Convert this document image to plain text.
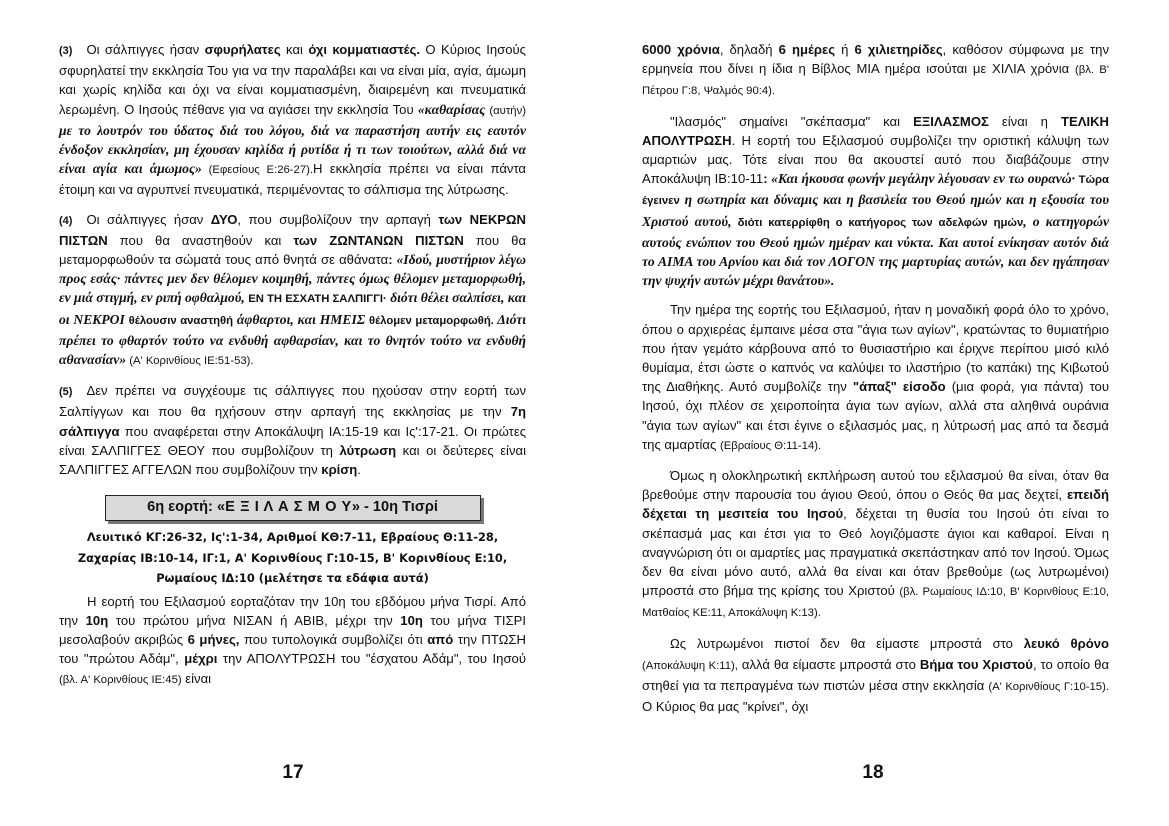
(3) Οι σάλπιγγες ήσαν σφυρήλατες και όχι κομματιαστές. Ο Κύριος Ιησούς σφυρηλατεί την εκκλησία Του για να την παραλάβει και να είναι μία, αγία, άμωμη και χωρίς κηλίδα και όχι να είναι κομματιασμένη, διαιρεμένη και πνευματικά λερωμένη. Ο Ιησούς πέθανε για να αγιάσει την εκκλησία Του «καθαρίσας (αυτήν) με το λουτρόν του ύδατος διά του λόγου, διά να παραστήση αυτήν εις εαυτόν ένδοξον εκκλησίαν, μη έχουσαν κηλίδα ή ρυτίδα ή τι των τοιούτων, αλλά διά να είναι αγία και άμωμος» (Εφεσίους Ε:26-27).Η εκκλησία πρέπει να είναι πάντα έτοιμη και να αγρυπνεί πνευματικά, περιμένοντας το σάλπισμα της λύτρωσης.

(4) Οι σάλπιγγες ήσαν ΔΥΟ, που συμβολίζουν την αρπαγή των ΝΕΚΡΩΝ ΠΙΣΤΩΝ που θα αναστηθούν και των ΖΩΝΤΑΝΩΝ ΠΙΣΤΩΝ που θα μεταμορφωθούν τα σώματά τους από θνητά σε αθάνατα: «Ιδού, μυστήριον λέγω προς εσάς· πάντες μεν δεν θέλομεν κοιμηθή, πάντες όμως θέλομεν μεταμορφωθή, εν μιά στιγμή, εν ριπή οφθαλμού, ΕΝ ΤΗ ΕΣΧΑΤΗ ΣΑΛΠΙΓΓΙ· διότι θέλει σαλπίσει, και οι ΝΕΚΡΟΙ θέλουσιν αναστηθή άφθαρτοι, και ΗΜΕΙΣ θέλομεν μεταμορφωθή. Διότι πρέπει το φθαρτόν τούτο να ενδυθή αφθαρσίαν, και το θνητόν τούτο να ενδυθή αθανασίαν» (Α' Κορινθίους ΙΕ:51-53).

(5) Δεν πρέπει να συγχέουμε τις σάλπιγγες που ηχούσαν στην εορτή των Σαλπίγγων και που θα ηχήσουν στην αρπαγή της εκκλησίας με την 7η σάλπιγγα που αναφέρεται στην Αποκάλυψη ΙΑ:15-19 και Ις':17-21. Οι πρώτες είναι ΣΑΛΠΙΓΓΕΣ ΘΕΟΥ που συμβολίζουν τη λύτρωση και οι δεύτερες είναι ΣΑΛΠΙΓΓΕΣ ΑΓΓΕΛΩΝ που συμβολίζουν την κρίση.

6η εορτή: «Ε Ξ Ι Λ Α Σ Μ Ο Υ» - 10η Τισρί
Λευιτικό ΚΓ:26-32, Ις':1-34, Αριθμοί ΚΘ:7-11, Εβραίους Θ:11-28,
Ζαχαρίας ΙΒ:10-14, ΙΓ:1, Α' Κορινθίους Γ:10-15, Β' Κορινθίους Ε:10,
Ρωμαίους ΙΔ:10 (μελέτησε τα εδάφια αυτά)

Η εορτή του Εξιλασμού εορταζόταν την 10η του εβδόμου μήνα Τισρί. Από την 10η του πρώτου μήνα ΝΙΣΑΝ ή ΑΒΙΒ, μέχρι την 10η του μήνα ΤΙΣΡΙ μεσολαβούν ακριβώς 6 μήνες, που τυπολογικά συμβολίζει ότι από την ΠΤΩΣΗ του "πρώτου Αδάμ", μέχρι την ΑΠΟΛΥΤΡΩΣΗ του "έσχατου Αδάμ", του Ιησού (βλ. Α' Κορινθίους ΙΕ:45) είναι

17

6000 χρόνια, δηλαδή 6 ημέρες ή 6 χιλιετηρίδες, καθόσον σύμφωνα με την ερμηνεία που δίνει η ίδια η Βίβλος ΜΙΑ ημέρα ισούται με ΧΙΛΙΑ χρόνια (βλ. Β' Πέτρου Γ:8, Ψαλμός 90:4).

"Ιλασμός" σημαίνει "σκέπασμα" και ΕΞΙΛΑΣΜΟΣ είναι η ΤΕΛΙΚΗ ΑΠΟΛΥΤΡΩΣΗ. Η εορτή του Εξιλασμού συμβολίζει την οριστική κάλυψη των αμαρτιών μας. Τότε είναι που θα ακουστεί αυτό που διαβάζουμε στην Αποκάλυψη ΙΒ:10-11: «Και ήκουσα φωνήν μεγάλην λέγουσαν εν τω ουρανώ· Τώρα έγεινεν η σωτηρία και δύναμις και η βασιλεία του Θεού ημών και η εξουσία του Χριστού αυτού, διότι κατερρίφθη ο κατήγορος των αδελφών ημών, ο κατηγορών αυτούς ενώπιον του Θεού ημών ημέραν και νύκτα. Και αυτοί ενίκησαν αυτόν διά το ΑΙΜΑ του Αρνίου και διά τον ΛΟΓΟΝ της μαρτυρίας αυτών, και δεν ηγάπησαν την ψυχήν αυτών μέχρι θανάτου».

Την ημέρα της εορτής του Εξιλασμού, ήταν η μοναδική φορά όλο το χρόνο, όπου ο αρχιερέας έμπαινε μέσα στα "άγια των αγίων", κρατώντας το θυμιατήριο που ήταν γεμάτο κάρβουνα από το θυσιαστήριο και έριχνε περίπου μισό κιλό θυμίαμα, έτσι ώστε ο καπνός να καλύψει το ιλαστήριο (το καπάκι) της Κιβωτού της Διαθήκης. Αυτό συμβολίζε την "άπαξ" είσοδο (μια φορά, για πάντα) του Ιησού, όχι πλέον σε χειροποίητα άγια των αγίων, αλλά στα αληθινά ουράνια "άγια των αγίων" και έτσι έγινε ο εξιλασμός μας, η λύτρωσή μας από τα δεσμά της αμαρτίας (Εβραίους Θ:11-14).

Όμως η ολοκληρωτική εκπλήρωση αυτού του εξιλασμού θα είναι, όταν θα βρεθούμε στην παρουσία του άγιου Θεού, όπου ο Θεός θα μας δεχτεί, επειδή δέχεται τη μεσιτεία του Ιησού, δέχεται τη θυσία του Ιησού ότι είναι το σκέπασμά μας και έτσι για το Θεό λογιζόμαστε άγιοι και καθαροί. Είναι η αναγνώριση ότι οι αμαρτίες μας πραγματικά σκεπάστηκαν από τον Ιησού. Όμως δεν θα είναι μόνο αυτό, αλλά θα είναι και όταν βρεθούμε (ως λυτρωμένοι) μπροστά στο βήμα της κρίσης του Χριστού (βλ. Ρωμαίους ΙΔ:10, Β' Κορινθίους Ε:10, Ματθαίος ΚΕ:11, Αποκάλυψη Κ:13).

Ως λυτρωμένοι πιστοί δεν θα είμαστε μπροστά στο λευκό θρόνο (Αποκάλυψη Κ:11), αλλά θα είμαστε μπροστά στο Βήμα του Χριστού, το οποίο θα στηθεί για τα πεπραγμένα των πιστών μέσα στην εκκλησία (Α' Κορινθίους Γ:10-15). Ο Κύριος θα μας "κρίνει", όχι

18
